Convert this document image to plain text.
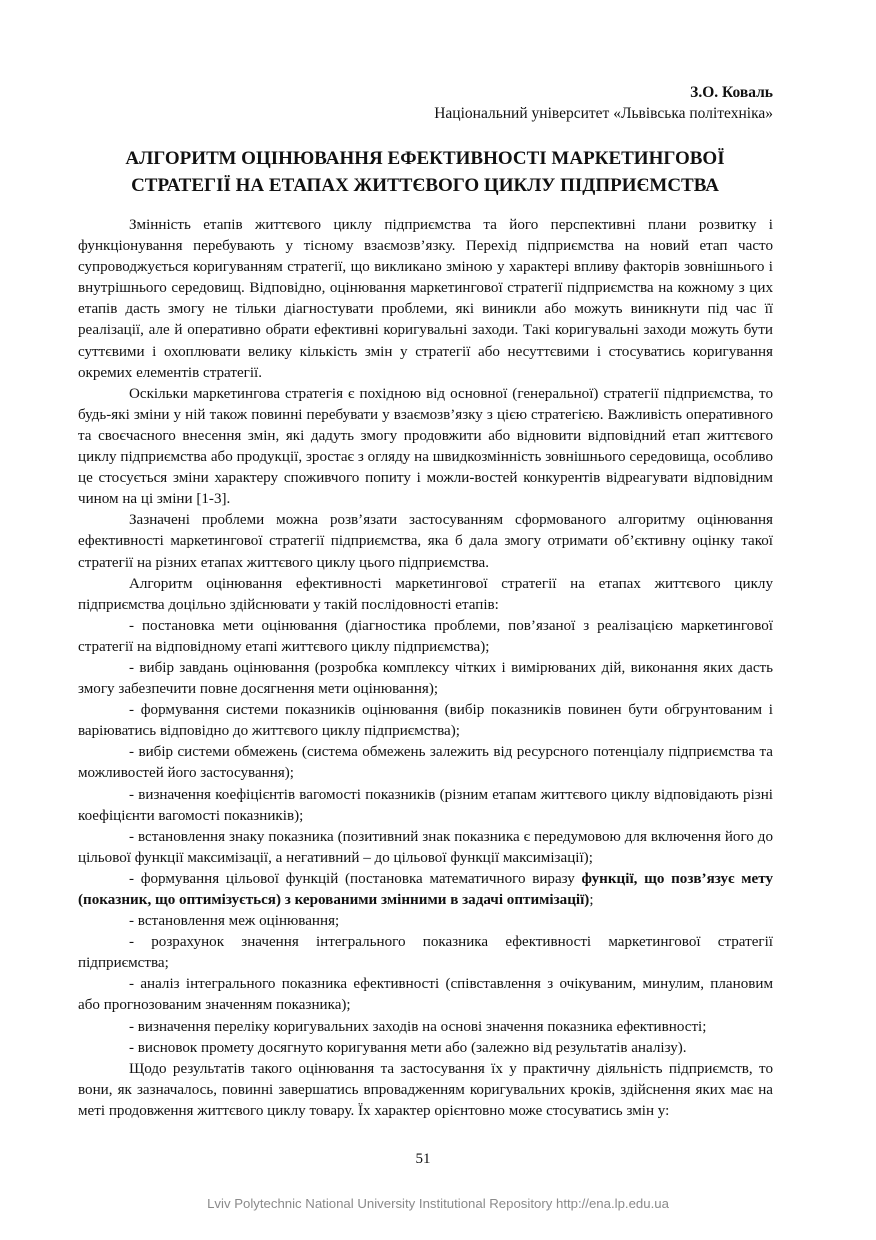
З.О. Коваль
Національний університет «Львівська політехніка»
АЛГОРИТМ ОЦІНЮВАННЯ ЕФЕКТИВНОСТІ МАРКЕТИНГОВОЇ
СТРАТЕГІЇ НА ЕТАПАХ ЖИТТЄВОГО ЦИКЛУ ПІДПРИЄМСТВА

Змінність етапів життєвого циклу підприємства та його перспективні плани розвитку і функціонування перебувають у тісному взаємозв’язку. Перехід підприємства на новий етап часто супроводжується коригуванням стратегії, що викликано зміною у характері впливу факторів зовнішнього і внутрішнього середовищ. Відповідно, оцінювання маркетингової стратегії підприємства на кожному з цих етапів дасть змогу не тільки діагностувати проблеми, які виникли або можуть виникнути під час її реалізації, але й оперативно обрати ефективні коригувальні заходи. Такі коригувальні заходи можуть бути суттєвими і охоплювати велику кількість змін у стратегії або несуттєвими і стосуватись коригування окремих елементів стратегії.

Оскільки маркетингова стратегія є похідною від основної (генеральної) стратегії підприємства, то будь-які зміни у ній також повинні перебувати у взаємозв’язку з цією стратегією. Важливість оперативного та своєчасного внесення змін, які дадуть змогу продовжити або відновити відповідний етап життєвого циклу підприємства або продукції, зростає з огляду на швидкозмінність зовнішнього середовища, особливо це стосується зміни характеру споживчого попиту і можли-востей конкурентів відреагувати відповідним чином на ці зміни [1-3].

Зазначені проблеми можна розв’язати застосуванням сформованого алгоритму оцінювання ефективності маркетингової стратегії підприємства, яка б дала змогу отримати об’єктивну оцінку такої стратегії на різних етапах життєвого циклу цього підприємства.

Алгоритм оцінювання ефективності маркетингової стратегії на етапах життєвого циклу підприємства доцільно здійснювати у такій послідовності етапів:

- постановка мети оцінювання (діагностика проблеми, пов’язаної з реалізацією маркетингової стратегії на відповідному етапі життєвого циклу підприємства);

- вибір завдань оцінювання (розробка комплексу чітких і вимірюваних дій, виконання яких дасть змогу забезпечити повне досягнення мети оцінювання);

- формування системи показників оцінювання (вибір показників повинен бути обгрунтованим і варіюватись відповідно до життєвого циклу підприємства);

- вибір системи обмежень (система обмежень залежить від ресурсного потенціалу підприємства та можливостей його застосування);

- визначення коефіцієнтів вагомості показників (різним етапам життєвого циклу відповідають різні коефіцієнти вагомості показників);

- встановлення знаку показника (позитивний знак показника є передумовою для включення його до цільової функції максимізації, а негативний – до цільової функції максимізації);

- формування цільової функцій (постановка математичного виразу функції, що позв’язує мету (показник, що оптимізується) з керованими змінними в задачі оптимізації);

- встановлення меж оцінювання;

- розрахунок значення інтегрального показника ефективності маркетингової стратегії підприємства;

- аналіз інтегрального показника ефективності (співставлення з очікуваним, минулим, плановим або прогнозованим значенням показника);

- визначення переліку коригувальних заходів на основі значення показника ефективності;

- висновок промету досягнуто коригування мети або (залежно від результатів аналізу).

Щодо результатів такого оцінювання та застосування їх у практичну діяльність підприємств, то вони, як зазначалось, повинні завершатись впровадженням коригувальних кроків, здійснення яких має на меті продовження життєвого циклу товару. Їх характер орієнтовно може стосуватись змін у:

51
Lviv Polytechnic National University Institutional Repository http://ena.lp.edu.ua
